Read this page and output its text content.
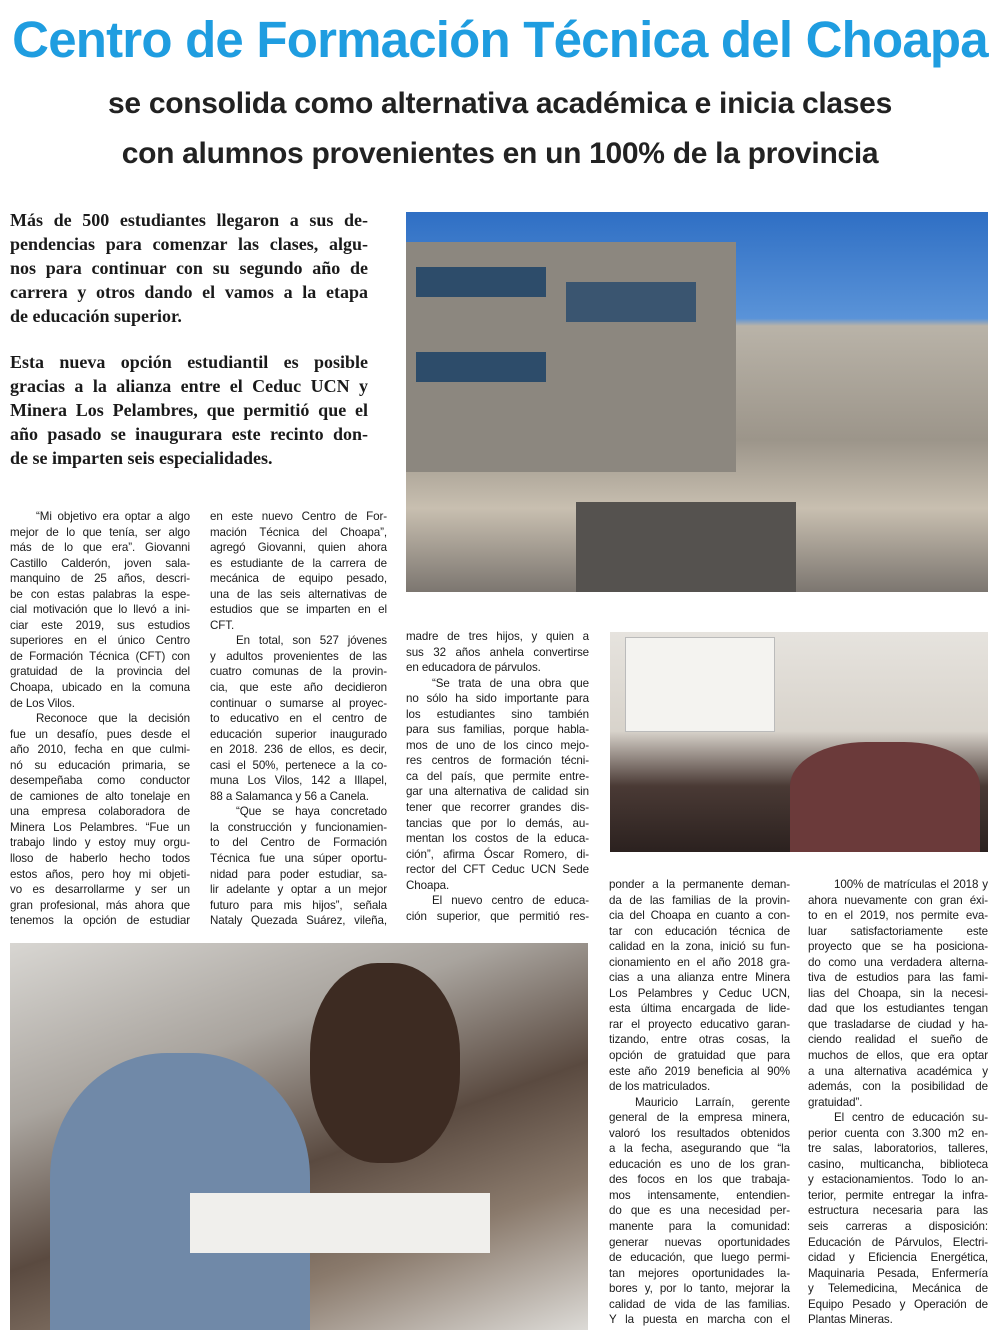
Centro de Formación Técnica del Choapa
se consolida como alternativa académica e inicia clases
con alumnos provenientes en un 100% de la provincia
Más de 500 estudiantes llegaron a sus de-
pendencias para comenzar las clases, algu-
nos para continuar con su segundo año de
carrera y otros dando el vamos a la etapa
de educación superior.
Esta nueva opción estudiantil es posible
gracias a la alianza entre el Ceduc UCN y
Minera Los Pelambres, que permitió que el
año pasado se inaugurara este recinto don-
de se imparten seis especialidades.
“Mi objetivo era optar a algo
mejor de lo que tenía, ser algo
más de lo que era”. Giovanni
Castillo Calderón, joven sala-
manquino de 25 años, descri-
be con estas palabras la espe-
cial motivación que lo llevó a ini-
ciar este 2019, sus estudios
superiores en el único Centro
de Formación Técnica (CFT) con
gratuidad de la provincia del
Choapa, ubicado en la comuna
de Los Vilos.
Reconoce que la decisión
fue un desafío, pues desde el
año 2010, fecha en que culmi-
nó su educación primaria, se
desempeñaba como conductor
de camiones de alto tonelaje en
una empresa colaboradora de
Minera Los Pelambres. “Fue un
trabajo lindo y estoy muy orgu-
lloso de haberlo hecho todos
estos años, pero hoy mi objeti-
vo es desarrollarme y ser un
gran profesional, más ahora que
tenemos la opción de estudiar
en este nuevo Centro de For-
mación Técnica del Choapa”,
agregó Giovanni, quien ahora
es estudiante de la carrera de
mecánica de equipo pesado,
una de las seis alternativas de
estudios que se imparten en el
CFT.
En total, son 527 jóvenes
y adultos provenientes de las
cuatro comunas de la provin-
cia, que este año decidieron
continuar o sumarse al proyec-
to educativo en el centro de
educación superior inaugurado
en 2018. 236 de ellos, es decir,
casi el 50%, pertenece a la co-
muna Los Vilos, 142 a Illapel,
88 a Salamanca y 56 a Canela.
“Que se haya concretado
la construcción y funcionamien-
to del Centro de Formación
Técnica fue una súper oportu-
nidad para poder estudiar, sa-
lir adelante y optar a un mejor
futuro para mis hijos”, señala
Nataly Quezada Suárez, vileña,
madre de tres hijos, y quien a
sus 32 años anhela convertirse
en educadora de párvulos.
“Se trata de una obra que
no sólo ha sido importante para
los estudiantes sino también
para sus familias, porque habla-
mos de uno de los cinco mejo-
res centros de formación técni-
ca del país, que permite entre-
gar una alternativa de calidad sin
tener que recorrer grandes dis-
tancias que por lo demás, au-
mentan los costos de la educa-
ción”, afirma Óscar Romero, di-
rector del CFT Ceduc UCN Sede
Choapa.
El nuevo centro de educa-
ción superior, que permitió res-
ponder a la permanente deman-
da de las familias de la provin-
cia del Choapa en cuanto a con-
tar con educación técnica de
calidad en la zona, inició su fun-
cionamiento en el año 2018 gra-
cias a una alianza entre Minera
Los Pelambres y Ceduc UCN,
esta última encargada de lide-
rar el proyecto educativo garan-
tizando, entre otras cosas, la
opción de gratuidad que para
este año 2019 beneficia al 90%
de los matriculados.
Mauricio Larraín, gerente
general de la empresa minera,
valoró los resultados obtenidos
a la fecha, asegurando que “la
educación es uno de los gran-
des focos en los que trabaja-
mos intensamente, entendien-
do que es una necesidad per-
manente para la comunidad:
generar nuevas oportunidades
de educación, que luego permi-
tan mejores oportunidades la-
bores y, por lo tanto, mejorar la
calidad de vida de las familias.
Y la puesta en marcha con el
100% de matrículas el 2018 y
ahora nuevamente con gran éxi-
to en el 2019, nos permite eva-
luar satisfactoriamente este
proyecto que se ha posiciona-
do como una verdadera alterna-
tiva de estudios para las fami-
lias del Choapa, sin la necesi-
dad que los estudiantes tengan
que trasladarse de ciudad y ha-
ciendo realidad el sueño de
muchos de ellos, que era optar
a una alternativa académica y
además, con la posibilidad de
gratuidad”.
El centro de educación su-
perior cuenta con 3.300 m2 en-
tre salas, laboratorios, talleres,
casino, multicancha, biblioteca
y estacionamientos. Todo lo an-
terior, permite entregar la infra-
estructura necesaria para las
seis carreras a disposición:
Educación de Párvulos, Electri-
cidad y Eficiencia Energética,
Maquinaria Pesada, Enfermería
y Telemedicina, Mecánica de
Equipo Pesado y Operación de
Plantas Mineras.
